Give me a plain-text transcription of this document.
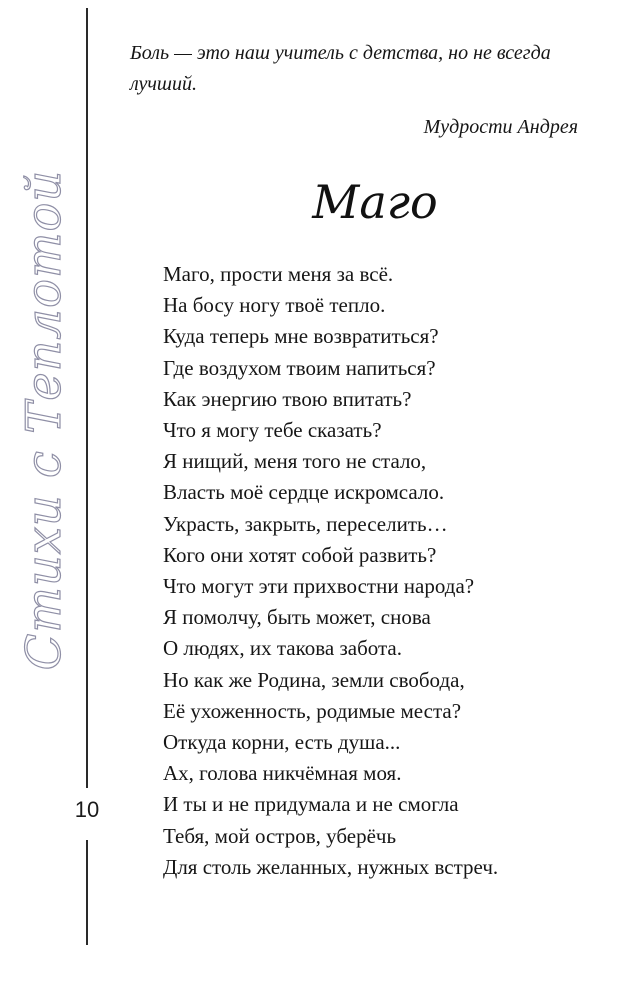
Стихи с Теплотой
10
Боль — это наш учитель с детства, но не всегда лучший.
Мудрости Андрея
Маго
Маго, прости меня за всё.
На босу ногу твоё тепло.
Куда теперь мне возвратиться?
Где воздухом твоим напиться?
Как энергию твою впитать?
Что я могу тебе сказать?
Я нищий, меня того не стало,
Власть моё сердце искромсало.
Украсть, закрыть, переселить…
Кого они хотят собой развить?
Что могут эти прихвостни народа?
Я помолчу, быть может, снова
О людях, их такова забота.
Но как же Родина, земли свобода,
Её ухоженность, родимые места?
Откуда корни, есть душа...
Ах, голова никчёмная моя.
И ты и не придумала и не смогла
Тебя, мой остров, уберёчь
Для столь желанных, нужных встреч.
